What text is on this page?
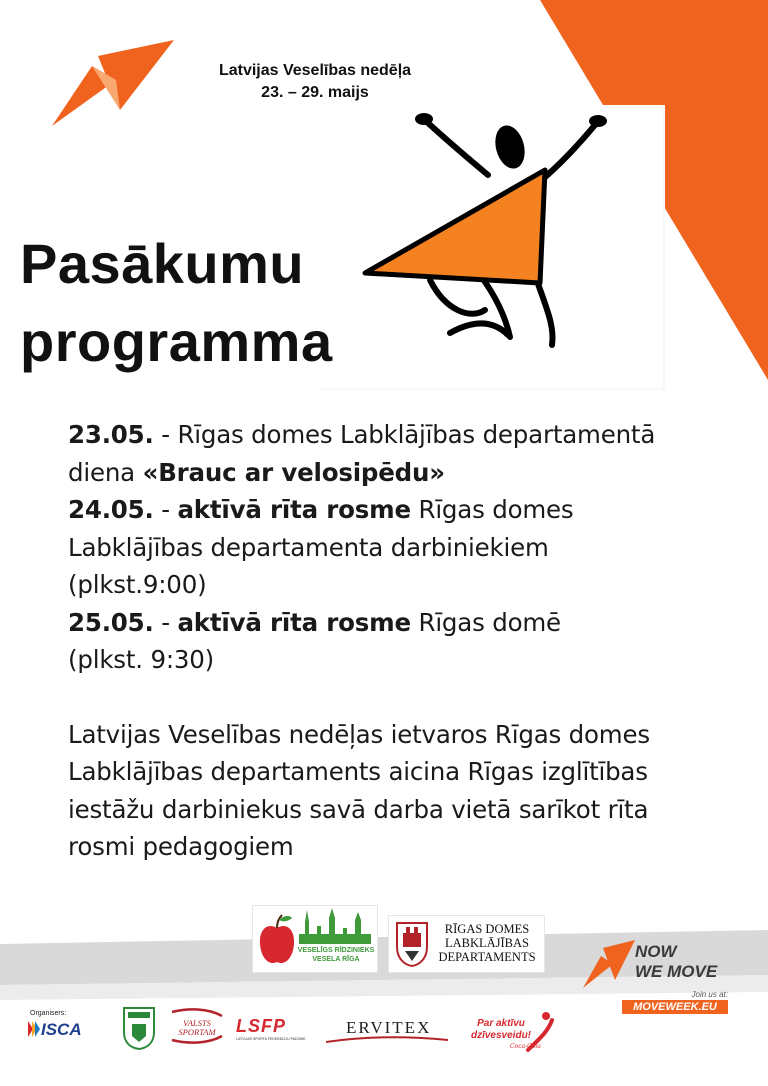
Latvijas Veselības nedēļa
23. – 29. maijs
Pasākumu
programma

23.05. - Rīgas domes Labklājības departamentā diena «Brauc ar velosipēdu»

24.05. - aktīvā rīta rosme Rīgas domes Labklājības departamenta darbiniekiem
(plkst.9:00)

25.05. - aktīvā rīta rosme Rīgas domē
(plkst. 9:30)

Latvijas Veselības nedēļas ietvaros Rīgas domes Labklājības departaments aicina Rīgas izglītības iestāžu darbiniekus savā darba vietā sarīkot rīta rosmi pedagogiem

VESELĪGS RĪDZINIEKS
VESELA RĪGA
RĪGAS DOMES
LABKLĀJĪBAS
DEPARTAMENTS	NOW
WE MOVE
Join us at:
MOVEWEEK.EU
Organisers:
ISCA	VALSTS SPORTAM	LSFP
LATVIJAS SPORTA FEDERĀCIJU PADOME
ERVITEX	Par aktīvu
dzīvesveidu!
Coca-Cola
